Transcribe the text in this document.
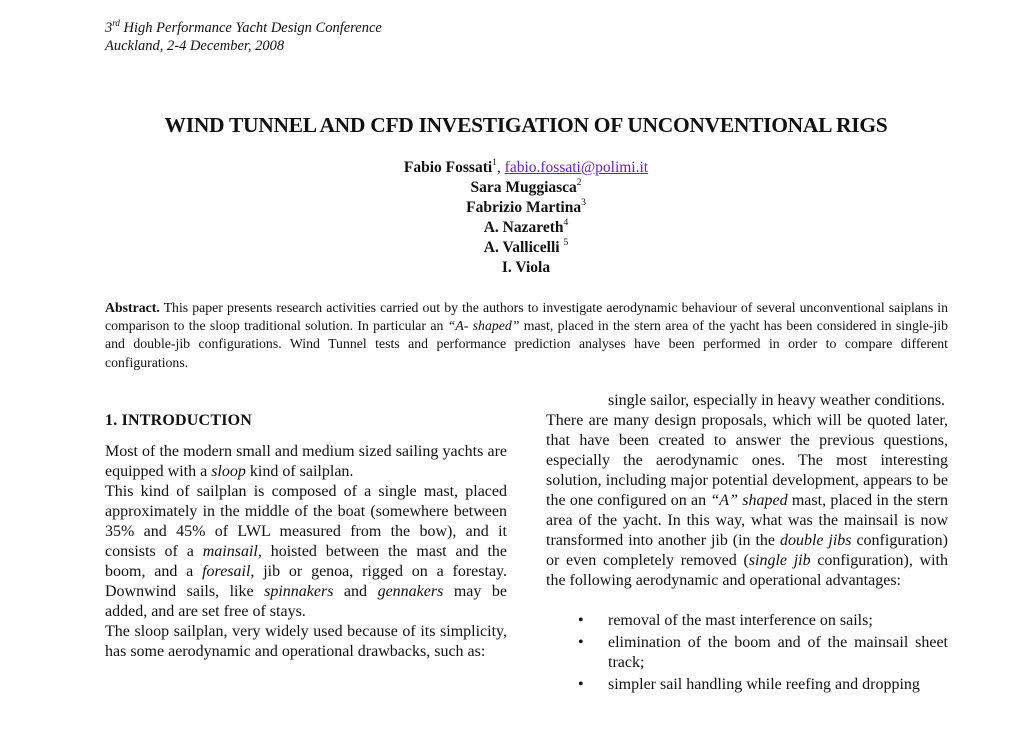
3rd High Performance Yacht Design Conference
Auckland, 2-4 December, 2008
WIND TUNNEL AND CFD INVESTIGATION OF UNCONVENTIONAL RIGS
Fabio Fossati$^1$, fabio.fossati@polimi.it
Sara Muggiasca$^2$
Fabrizio Martina$^3$
A. Nazareth$^4$
A. Vallicelli $^5$
I. Viola

Abstract. This paper presents research activities carried out by the authors to investigate aerodynamic behaviour of several unconventional saiplans in comparison to the sloop traditional solution. In particular an “A- shaped” mast, placed in the stern area of the yacht has been considered in single-jib and double-jib configurations. Wind Tunnel tests and performance prediction analyses have been performed in order to compare different configurations.

1. INTRODUCTION

Most of the modern small and medium sized sailing yachts are equipped with a sloop kind of sailplan.

This kind of sailplan is composed of a single mast, placed approximately in the middle of the boat (somewhere between 35% and 45% of LWL measured from the bow), and it consists of a mainsail, hoisted between the mast and the boom, and a foresail, jib or genoa, rigged on a forestay. Downwind sails, like spinnakers and gennakers may be added, and are set free of stays.

The sloop sailplan, very widely used because of its simplicity, has some aerodynamic and operational drawbacks, such as:

single sailor, especially in heavy weather conditions.

There are many design proposals, which will be quoted later, that have been created to answer the previous questions, especially the aerodynamic ones. The most interesting solution, including major potential development, appears to be the one configured on an “A” shaped mast, placed in the stern area of the yacht. In this way, what was the mainsail is now transformed into another jib (in the double jibs configuration) or even completely removed (single jib configuration), with the following aerodynamic and operational advantages:

• removal of the mast interference on sails;
• elimination of the boom and of the mainsail sheet track;
• simpler sail handling while reefing and dropping
